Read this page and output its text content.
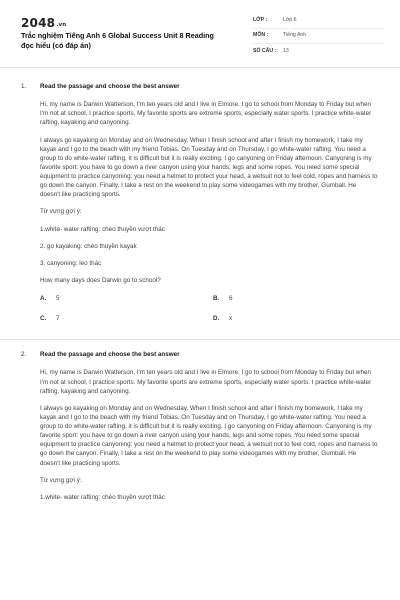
2048.vn
Trắc nghiệm Tiếng Anh 6 Global Success Unit 8 Reading đọc hiểu (có đáp án)
LỚP :	Lớp 6
MÔN :	Tiếng Anh
SỐ CÂU :	13
1. Read the passage and choose the best answer

Hi, my name is Darwin Watterson, I'm ten years old and I live in Elmore. I go to school from Monday to Friday but when I'm not at school, I practice sports. My favorite sports are extreme sports, especially water sports. I practice white-water rafting, kayaking and canyoning.

I always go kayaking on Monday and on Wednesday. When I finish school and after I finish my homework, I take my kayak and I go to the beach with my friend Tobias. On Tuesday and on Thursday, I go white-water rafting. You need a group to do white-water rafting, it is difficult but it is really exciting. I go canyoning on Friday afternoon. Canyoning is my favorite sport: you have to go down a river canyon using your hands, legs and some ropes. You need some special equipment to practice canyoning: you need a helmet to protect your head, a wetsuit not to feel cold, ropes and harness to go down the canyon. Finally, I take a rest on the weekend to play some videogames with my brother, Gumball. He doesn't like practicing sports.

Từ vựng gợi ý:

1.white- water rafting: chèo thuyền vượt thác

2. go kayaking: chèo thuyền kayak

3. canyoning: leo thác

How many days does Darwin go to school?

A.	5	B.	6
C.	7	D.	x
2. Read the passage and choose the best answer

Hi, my name is Darwin Watterson, I'm ten years old and I live in Elmore. I go to school from Monday to Friday but when I'm not at school, I practice sports. My favorite sports are extreme sports, especially water sports. I practice white-water rafting, kayaking and canyoning.

I always go kayaking on Monday and on Wednesday. When I finish school and after I finish my homework, I take my kayak and I go to the beach with my friend Tobias. On Tuesday and on Thursday, I go white-water rafting. You need a group to do white-water rafting, it is difficult but it is really exciting. I go canyoning on Friday afternoon. Canyoning is my favorite sport: you have to go down a river canyon using your hands, legs and some ropes. You need some special equipment to practice canyoning: you need a helmet to protect your head, a wetsuit not to feel cold, ropes and harness to go down the canyon. Finally, I take a rest on the weekend to play some videogames with my brother, Gumball. He doesn't like practicing sports.

Từ vựng gợi ý:

1.white- water rafting: chèo thuyền vượt thác
